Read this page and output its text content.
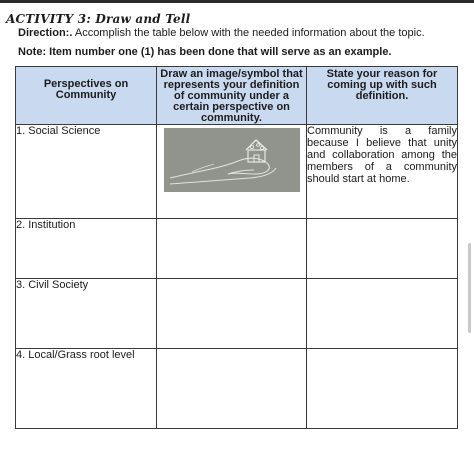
ACTIVITY 3: Draw and Tell
Direction:. Accomplish the table below with the needed information about the topic.
Note: Item number one (1) has been done that will serve as an example.
Perspectives on Community	Draw an image/symbol that represents your definition of community under a certain perspective on community.	State your reason for coming up with such definition.
1. Social Science		Community is a family because I believe that unity and collaboration among the members of a community should start at home.
2. Institution		
3. Civil Society		
4. Local/Grass root level		
